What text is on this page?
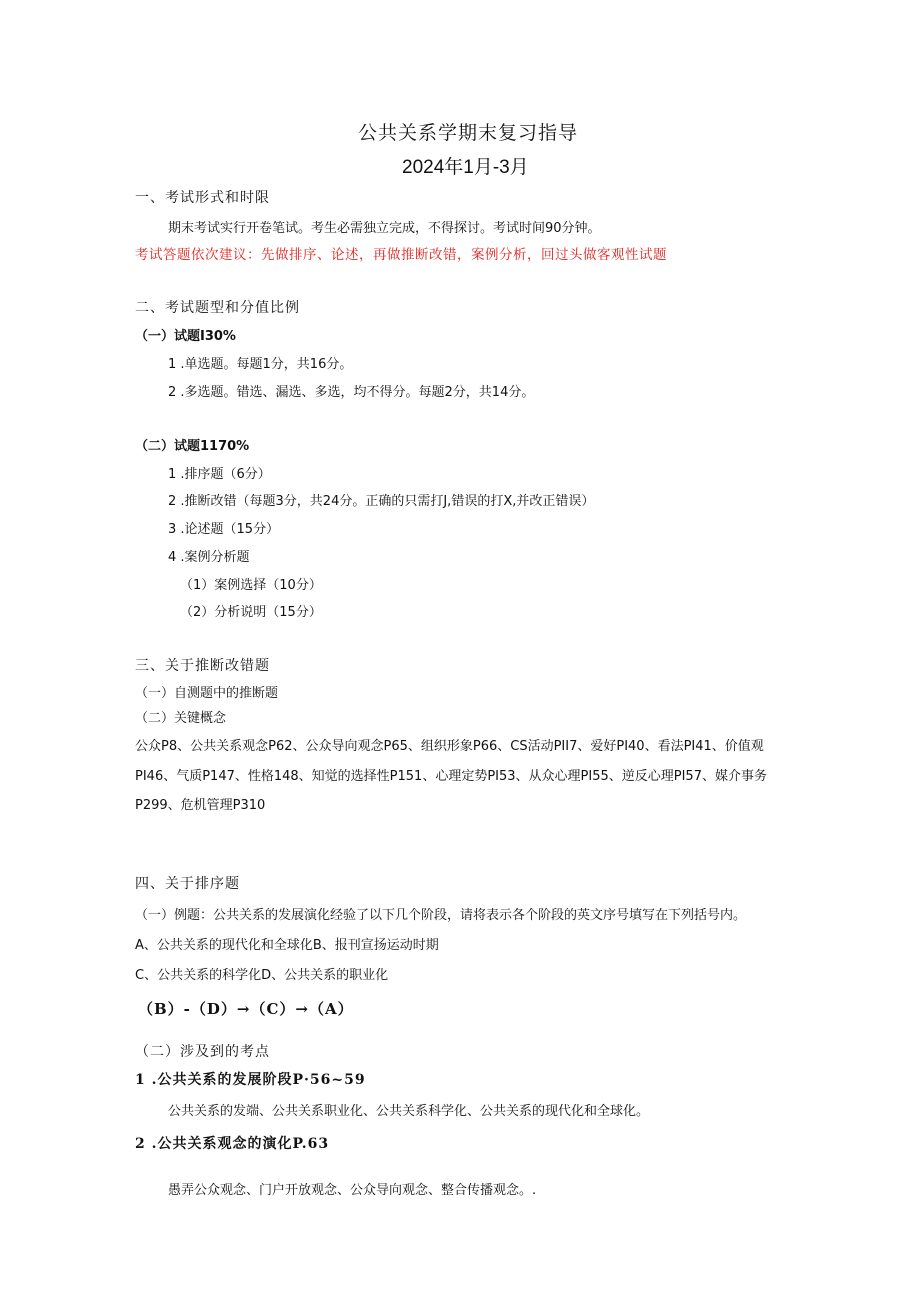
公共关系学期末复习指导
2024年1月-3月
一、考试形式和时限
期末考试实行开卷笔试。考生必需独立完成，不得探讨。考试时间90分钟。
考试答题依次建议：先做排序、论述，再做推断改错，案例分析，回过头做客观性试题
二、考试题型和分值比例
（一）试题I30%
1 .单选题。每题1分，共16分。
2 .多选题。错选、漏选、多选，均不得分。每题2分，共14分。
（二）试题1170%
1 .排序题（6分）
2 .推断改错（每题3分，共24分。正确的只需打J,错误的打X,并改正错误）
3 .论述题（15分）
4 .案例分析题
（1）案例选择（10分）
（2）分析说明（15分）
三、关于推断改错题
（一）自测题中的推断题
（二）关键概念
公众P8、公共关系观念P62、公众导向观念P65、组织形象P66、CS活动PII7、爱好PI40、看法PI41、价值观
PI46、气质P147、性格148、知觉的选择性P151、心理定势PI53、从众心理PI55、逆反心理PI57、媒介事务
P299、危机管理P310
四、关于排序题
（一）例题：公共关系的发展演化经验了以下几个阶段，请将表示各个阶段的英文序号填写在下列括号内。
A、公共关系的现代化和全球化B、报刊宣扬运动时期
C、公共关系的科学化D、公共关系的职业化
（B）-（D）→（C）→（A）
（二）涉及到的考点
1 .公共关系的发展阶段P·56~59
公共关系的发端、公共关系职业化、公共关系科学化、公共关系的现代化和全球化。
2 .公共关系观念的演化P.63
愚弄公众观念、门户开放观念、公众导向观念、整合传播观念。.
